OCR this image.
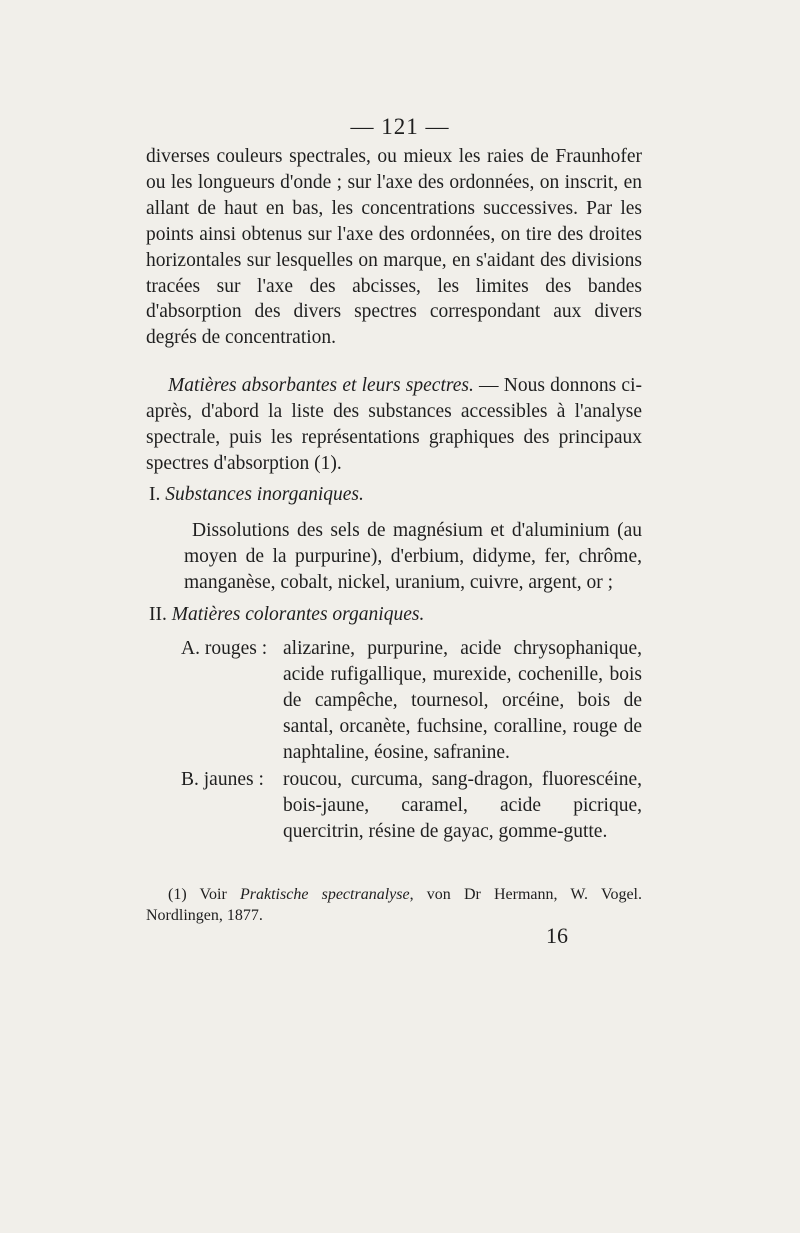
— 121 —

diverses couleurs spectrales, ou mieux les raies de Fraunhofer ou les longueurs d'onde ; sur l'axe des ordonnées, on inscrit, en allant de haut en bas, les concentrations successives. Par les points ainsi obtenus sur l'axe des ordonnées, on tire des droites horizontales sur lesquelles on marque, en s'aidant des divisions tracées sur l'axe des abcisses, les limites des bandes d'absorption des divers spectres correspondant aux divers degrés de concentration.

Matières absorbantes et leurs spectres. — Nous donnons ci-après, d'abord la liste des substances accessibles à l'analyse spectrale, puis les représentations graphiques des principaux spectres d'absorption (1).

I. Substances inorganiques.

Dissolutions des sels de magnésium et d'aluminium (au moyen de la purpurine), d'erbium, didyme, fer, chrôme, manganèse, cobalt, nickel, uranium, cuivre, argent, or ;

II. Matières colorantes organiques.
A. rouges : alizarine, purpurine, acide chrysophanique, acide rufigallique, murexide, cochenille, bois de campêche, tournesol, orcéine, bois de santal, orcanète, fuchsine, coralline, rouge de naphtaline, éosine, safranine.
B. jaunes : roucou, curcuma, sang-dragon, fluorescéine, bois-jaune, caramel, acide picrique, quercitrin, résine de gayac, gomme-gutte.

(1) Voir Praktische spectranalyse, von Dr Hermann, W. Vogel. Nordlingen, 1877.

16
